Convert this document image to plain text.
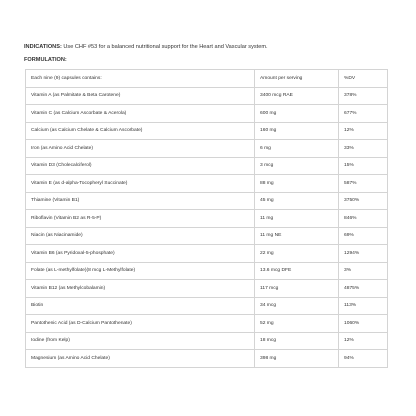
INDICATIONS: Use CHF #53 for a balanced nutritional support for the Heart and Vascular system.
FORMULATION:
Each nine (9) capsules contains:	Amount per serving	%DV
Vitamin A (as Palmitate & Beta Carotene)	3400 mcg RAE	378%
Vitamin C (as Calcium Ascorbate & Acerola)	600 mg	677%
Calcium (as Calcium Chelate & Calcium Ascorbate)	160 mg	12%
Iron (as Amino Acid Chelate)	6 mg	33%
Vitamin D3 (Cholecalciferol)	3 mcg	15%
Vitamin E (as d-alpha-Tocopheryl Succinate)	88 mg	587%
Thiamine (Vitamin B1)	45 mg	3750%
Riboflavin (Vitamin B2 as R-5-P)	11 mg	846%
Niacin (as Niacinamide)	11 mg NE	69%
Vitamin B6 (as Pyridoxal-5-phosphate)	22 mg	1294%
Folate (as L-methylfolate)(8 mcg L-Methylfolate)	13.6 mcg DFE	3%
Vitamin B12 (as Methylcobalamin)	117 mcg	4875%
Biotin	34 mcg	113%
Pantothenic Acid (as D-Calcium Pantothenate)	52 mg	1060%
Iodine (from Kelp)	18 mcg	12%
Magnesium (as Amino Acid Chelate)	398 mg	94%
